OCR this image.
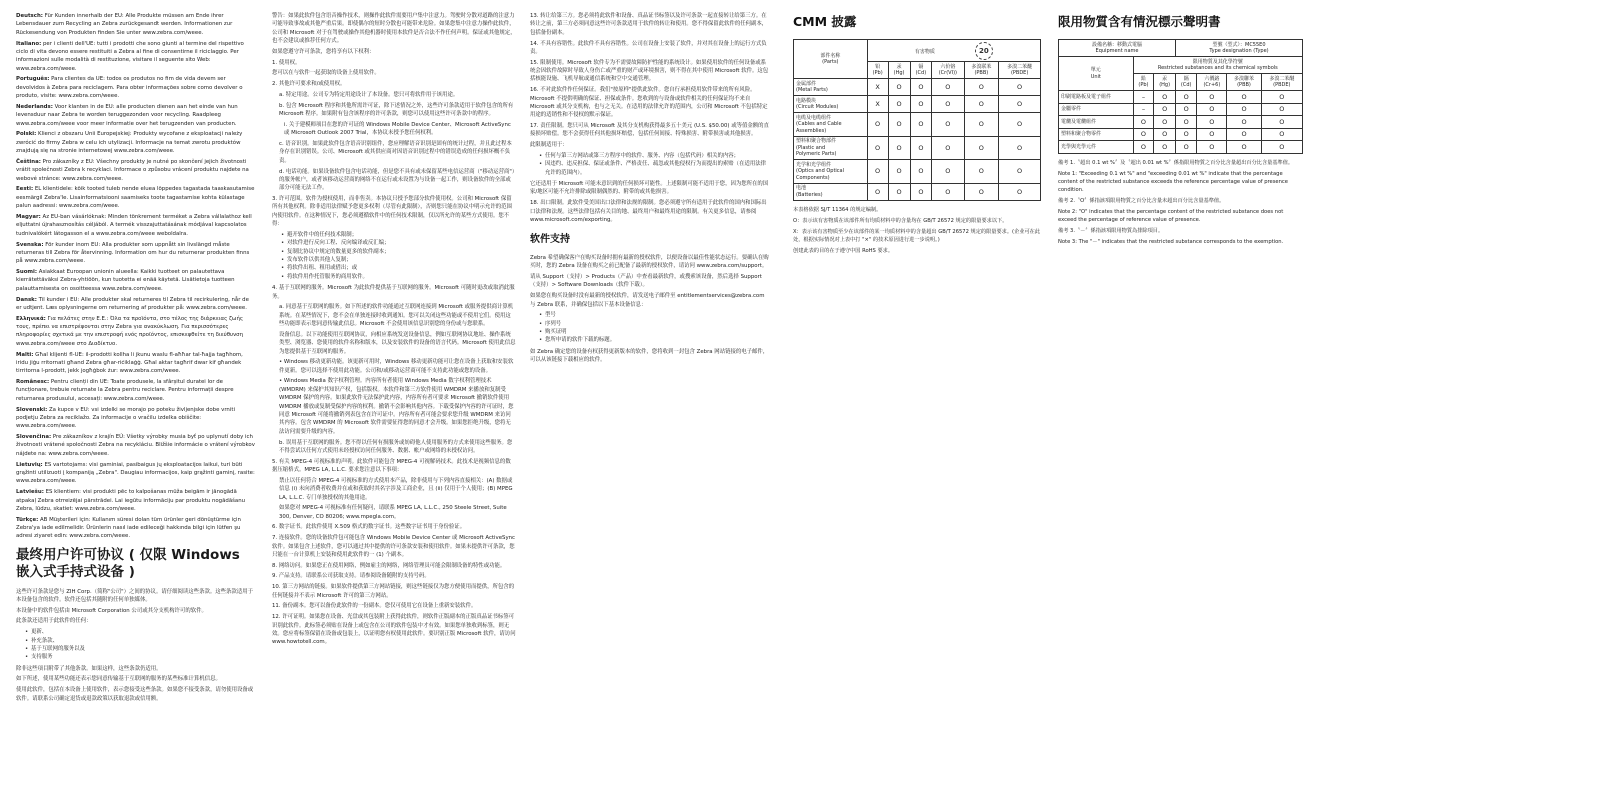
Deutsch: Für Kunden innerhalb der EU: Alle Produkte müssen am Ende ihrer Lebensdauer zum Recycling an Zebra zurückgesandt werden. Informationen zur Rückesendung von Produkten finden Sie unter www.zebra.com/weee.

Italiano: per i clienti dell'UE: tutti i prodotti che sono giunti al termine del rispettivo ciclo di vita devono essere restituiti a Zebra al fine di consentirne il riciclaggio. Per informazioni sulle modalità di restituzione, visitare il seguente sito Web: www.zebra.com/weee.

Português: Para clientes da UE: todos os produtos no fim de vida devem ser devolvidos à Zebra para reciclagem. Para obter informações sobre como devolver o produto, visite: www.zebra.com/weee.

Nederlands: Voor klanten in de EU: alle producten dienen aan het einde van hun levensduur naar Zebra te worden teruggezonden voor recycling. Raadpleeg www.zebra.com/weee voor meer informatie over het terugzenden van producten.

Polski: Klienci z obszaru Unii Europejskiej: Produkty wycofane z eksploatacji należy zwrócić do firmy Zebra w celu ich utylizacji. Informacje na temat zwrotu produktów znajdują się na stronie internetowej www.zebra.com/weee.

Čeština: Pro zákazníky z EU: Všechny produkty je nutné po skončení jejich životnosti vrátit společnosti Zebra k recyklaci. Informace o způsobu vrácení produktu najdete na webové stránce: www.zebra.com/weee.

Eesti: EL klientidele: kõik tooted tuleb nende eluea lõppedes tagastada taaskasutamise eesmärgil Zebra'le. Lisainformatsiooni saamiseks toote tagastamise kohta külastage palun aadressi: www.zebra.com/weee.

Magyar: Az EU-ban vásárlóknak: Minden tönkrement terméket a Zebra vállalathoz kell eljuttatni újrahasznosítás céljából. A termék visszajuttatásának módjával kapcsolatos tudnivalókért látogasson el a www.zebra.com/weee weboldalra.

Svenska: För kunder inom EU: Alla produkter som uppnått sin livslängd måste returneras till Zebra för återvinning. Information om hur du returnerar produkten finns på www.zebra.com/weee.

Suomi: Asiakkaat Euroopan unionin alueella: Kaikki tuotteet on palautettava kierrätettäväksi Zebra-yhtiöön, kun tuotetta ei enää käytetä. Lisätietoja tuotteen palauttamisesta on osoitteessa www.zebra.com/weee.

Dansk: Til kunder i EU: Alle produkter skal returneres til Zebra til recirkulering, når de er udtjent. Læs oplysningerne om returnering af produkter på: www.zebra.com/weee.

Ελληνικά: Για πελάτες στην Ε.Ε.: Όλα τα προϊόντα, στο τέλος της διάρκειας ζωής τους, πρέπει να επιστρέφονται στην Zebra για ανακύκλωση. Για περισσότερες πληροφορίες σχετικά με την επιστροφή ενός προϊόντος, επισκεφθείτε τη διεύθυνση www.zebra.com/weee στο Διαδίκτυο.

Malti: Għal klijenti fl-UE: il-prodotti kollha li jkunu waslu fl-aħħar tal-ħajja tagħhom, iridu jiġu rritornati għand Zebra għar-riċiklaġġ. Għal aktar tagħrif dwar kif għandek tirritorna l-prodott, jekk jogħġbok żur: www.zebra.com/weee.

Românesc: Pentru clienții din UE: Toate produsele, la sfârșitul duratei lor de funcționare, trebuie returnate la Zebra pentru reciclare. Pentru informații despre returnarea produsului, accesați: www.zebra.com/weee.

Slovenski: Za kupce v EU: vsi izdelki se morajo po poteku življenjske dobe vrniti podjetju Zebra za reciklažo. Za informacije o vračilu izdelka obiščite: www.zebra.com/weee.

Slovenčina: Pre zákazníkov z krajín EÚ: Všetky výrobky musia byť po uplynutí doby ich životnosti vrátené spoločnosti Zebra na recykláciu. Bližšie informácie o vrátení výrobkov nájdete na: www.zebra.com/weee.

Lietuvių: ES vartotojams: visi gaminiai, pasibaigus jų eksploatacijos laikui, turi būti grąžinti utilizuoti į kompaniją „Zebra". Daugiau informacijos, kaip grąžinti gaminį, rasite: www.zebra.com/weee.

Latviešu: ES klientiem: visi produkti pēc to kalpošanas mūža beigām ir jānogādā atpakaļ Zebra otrreizējai pārstrādei. Lai iegūtu informāciju par produktu nogādāšanu Zebra, lūdzu, skatiet: www.zebra.com/weee.

Türkçe: AB Müşterileri için: Kullanım süresi dolan tüm ürünler geri dönüştürme için Zebra'ya iade edilmelidir. Ürünlerin nasıl iade edileceği hakkında bilgi için lütfen şu adresi ziyaret edin: www.zebra.com/weee.

最终用户许可协议 ( 仅限 Windows 嵌入式手持式设备 )

这些许可条款是您与 ZIH Corp.（简称"公司"）之间的协议。请仔细阅读这些条款。这些条款适用于本设备包含的软件。软件还包括其随附的任何单独媒体。

本设备中的软件包括由 Microsoft Corporation 公司或其分支机构许可的软件。

此条款还适用于此软件的任何：

• 更新、
• 补充条款、
• 基于互联网的服务以及
• 支持服务

除非这些项目附带了其他条款。如果这样，这些条款仍适用。

如下所述，使用某些功能还表示您同意传输基于互联网的服务的某些标准计算机信息。

使用此软件，包括在本设备上使用软件，表示您接受这些条款。如果您不接受条款，请勿使用设备或软件。请联系公司确定退货或退款政策以获取退款或信用额。

警告：如果此软件包含语音操作技术，则操作此软件需要用户集中注意力。驾驶时分散对道路的注意力可能导致事故或其他严重后果。即使偶尔的短时分散也可能带来危险。如果您集中注意力操作此软件，公司和 Microsoft 对于在驾驶或操作其他机器时使用本软件是否合法不作任何声明。保证或其他规定，也不会建议或推荐任何方式。

如果您遵守许可条款，您将享有以下权利：

1. 使用权。

您可以在与软件一起获取的设备上使用软件。

2. 其他许可要求和/或使用权。

a. 特定用途。公司专为特定用途设计了本设备。您只可将软件用于该用途。

b. 包含 Microsoft 程序和其他所需许可证，除下述情况之外，这些许可条款适用于软件包含的所有 Microsoft 程序。如果附有包含该程序的许可条款，则您可以使用这些许可条款中的程序。

i. 关于建模师项目在您的许可证的 Windows Mobile Device Center、Microsoft ActiveSync 或 Microsoft Outlook 2007 Trial，本协议未授予您任何权利。

c. 语音识别。如果此软件包含语音识别组件，您应理解语音识别是固有的统计过程，并且此过程本身存在识别错误。公司、Microsoft 或其供应商对因语音识别过程中的错误造成的任何损坏概不负责。

d. 电话功能。如果设备软件包含电话功能，但是您不具有或未保留某些电信运营商（"移动运营商"）的服务帐户，或者该移动运营商的网络不在运行或未设置为与设备一起工作，则设备软件的全部或部分可能无法工作。

3. 许可范围。软件为授权使用，而非售卖。本协议只授予您部分软件使用权。公司和 Microsoft 保留所有其他权利。除非适用法律赋予您更多权利（尽管有此限制），否则您只能在协议中明示允许的范围内使用软件。在这种情况下，您必须遵循软件中的任何技术限制，仅以所允许的某些方式使用。您不得：

• 避开软件中的任何技术限制；
• 对软件进行反向工程、反向编译或反汇编；
• 复制比协议中规定的数量更多的软件副本；
• 发布软件以供其他人复制；
• 将软件出租、租用或借出；或
• 将软件用作托管服务的商用软件。

4. 基于互联网的服务。Microsoft 为此软件提供基于互联网的服务。Microsoft 可随时更改或取消此服务。

a. 同意基于互联网的服务。如下所述的软件功能通过互联网连接到 Microsoft 或服务提供商计算机系统。在某些情况下，您不会在单独连接时收到通知。您可以关闭这些功能或不使用它们。使用这些功能即表示您同意传输此信息。Microsoft 不会使用该信息识别您的身份或与您联系。

设备信息。以下功能使用互联网协议，向相应系统发送设备信息，例如互联网协议地址、操作系统类型、浏览器、您使用的软件名称和版本，以及安装软件的设备的语言代码。Microsoft 使用此信息为您提供基于互联网的服务。

• Windows 移动更新功能。该更新可用时，Windows 移动更新功能可让您在设备上获取和安装软件更新。您可以选择不使用此功能。公司和/或移动运营商可能不支持此功能或您的设备。

• Windows Media 数字权利管理。内容所有者使用 Windows Media 数字权利管理技术 (WMDRM) 来保护其知识产权，包括版权。本软件和第三方软件使用 WMDRM 来播放和复制受 WMDRM 保护的内容。如果此软件无法保护此内容，内容所有者可要求 Microsoft 撤销软件使用 WMDRM 播放或复制受保护内容的权利。撤销不会影响其他内容。下载受保护内容的许可证时，您同意 Microsoft 可能将撤销列表包含在许可证中。内容所有者可能会要求您升级 WMDRM 来访问其内容。包含 WMDRM 的 Microsoft 软件需要征得您的同意才会升级。如果您拒绝升级，您将无法访问需要升级的内容。

b. 误用基于互联网的服务。您不得以任何有损服务或妨碍他人使用服务的方式来使用这些服务。您不得尝试以任何方式使用未经授权访问任何服务、数据、帐户或网络的未授权访问。

5. 有关 MPEG-4 可视标准的声明。此软件可能包含 MPEG-4 可视解码技术。此技术是视频信息的数据压缩格式。MPEG LA, L.L.C. 要求您注意以下事项：

禁止以任何符合 MPEG-4 可视标准的方式使用本产品，除非使用与下列内容直接相关：(A) 数据或信息 (i) 未向消费者收费并在或和获取时其名字涉及工商企业，且 (ii) 仅用于个人使用；(B) MPEG LA, L.L.C. 专门单独授权的其他用途。

如果您对 MPEG-4 可视标准有任何疑问，请联系 MPEG LA, L.L.C., 250 Steele Street, Suite 300, Denver, CO 80206; www.mpegla.com。

6. 数字证书。此软件使用 X.509 格式的数字证书。这些数字证书用于身份验证。

7. 连接软件。您的设备软件包可能包含 Windows Mobile Device Center 或 Microsoft ActiveSync 软件。如果包含上述软件，您可以通过其中提供的许可条款安装和使用软件。如果未提供许可条款，您只能在一台计算机上安装和使用此软件的一 (1) 个副本。

8. 网络访问。如果您正在使用网络，例如雇主的网络，网络管理员可能会限制设备的特性或功能。

9. 产品支持。请联系公司获取支持。请参阅设备随附的支持号码。

10. 第三方网站的链接。如果软件提供第三方网站链接，则这些链接仅为您方便使用而提供，所包含的任何链接并不表示 Microsoft 许可的第三方网站。

11. 备份副本。您可以备份此软件的一份副本。您仅可使用它在设备上重新安装软件。

12. 许可证明。如果您在设备、光盘或其包装附上获得此软件，则软件正版副本的正版真品证书标签可识别此软件。此标签必须贴在设备上或包含在公司的软件包装中才有效。如果您单独收到标签，则无效。您应将标签保留在设备或包装上，以证明您有权使用此软件。要识别正版 Microsoft 软件，请访问 www.howtotell.com。

13. 转让给第三方。您必须将此软件和设备、真品证书标签以及许可条款一起直接转让给第三方。在转让之前，第三方必须同意这些许可条款适用于软件的转让和使用。您不得保留此软件的任何副本，包括备份副本。

14. 不具有容错性。此软件不具有容错性。公司在设备上安装了软件，并对其在设备上的运行方式负责。

15. 限制使用。Microsoft 软件专为不需要故障防护性能的系统设计。如果使用软件的任何设备或系统会因软件故障时导致人身伤亡或严重的财产或环境损害，则不得在其中使用 Microsoft 软件。这包括核能设施、飞机导航或通信系统和空中交通管理。

16. 不对此软件作任何保证。我们"按原样"提供此软件。您自行承担使用软件带来的所有风险。Microsoft 不提供明确的保证、担保或条件。您收到的与设备或软件相关的任何保证均不来自 Microsoft 或其分支机构，也与之无关。在适用的法律允许的范围内，公司和 Microsoft 不包括特定用途的适销性和不侵权的默示保证。

17. 责任限制。您只可从 Microsoft 及其分支机构获得最多五十美元 (U.S. $50.00) 或等值金额的直接损坏赔偿。您不会获得任何其他损坏赔偿，包括任何间接、特殊损害、附带损害或其他损害。

此限制适用于：

• 任何与第三方网站或第三方程序中的软件、服务、内容（包括代码）相关的内容；
• 因违约、违反担保、保证或条件、严格责任、疏忽或其他侵权行为而提出的索赔（在适用法律允许的范围内）。

它还适用于 Microsoft 可能未意识到的任何损坏可能性。上述限制可能不适用于您，因为您所在的国家/地区可能不允许排除或限制偶然的、附带的或其他损害。

18. 出口限制。此软件受美国出口法律和法规的限制。您必须遵守所有适用于此软件的国内和国际出口法律和法规。这些法律包括有关目的地、最终用户和最终用途的限制。有关更多信息，请参阅 www.microsoft.com/exporting。

软件支持

Zebra 希望确保客户在购买设备时拥有最新的授权软件，以便设备以最佳性能状态运行。要确认在购买时，您的 Zebra 设备在购买之前已配备了最新的授权软件，请访问 www.zebra.com/support。

请从 Support（支持）> Products（产品）中查看最新软件，或搜索该设备，然后选择 Support（支持）> Software Downloads（软件下载）。

如果您在购买设备时没有最新的授权软件，请发送电子邮件至 entitlementservices@zebra.com 与 Zebra 联系，并确保包括以下基本设备信息：

• 型号
• 序列号
• 购买证明
• 您所申请的软件下载的标题。

如 Zebra 确定您的设备有权获得更新版本的软件，您将收到一封包含 Zebra 网站链接的电子邮件，可以从该链接下载相应的软件。

CMM 披露
部件名称
(Parts)	有害物质 20					
	铅
(Pb)	汞
(Hg)	镉
(Cd)	六价铬
(Cr(VI))	多溴联苯
(PBB)	多溴二苯醚
(PBDE)
金属部件
(Metal Parts)	X	O	O	O	O	O
电路模块
(Circuit Modules)	X	O	O	O	O	O
电缆及电缆组件
(Cables and Cable
Assemblies)	O	O	O	O	O	O
塑料和聚合物部件
(Plastic and
Polymeric Parts)	O	O	O	O	O	O
光学和光学组件
(Optics and Optical
Components)	O	O	O	O	O	O
电池
(Batteries)	O	O	O	O	O	O

本表格依据 SJ/T 11364 的规定编制。

O：表示该有害物质在该部件所有均质材料中的含量均在 GB/T 26572 规定的限量要求以下。

X：表示该有害物质至少在该部件的某一均质材料中的含量超出 GB/T 26572 规定的限量要求。(企业可在此处，根据实际情况对上表中打 "×" 的技术原因进行进一步说明。)

创建此表的目的在于遵守中国 RoHS 要求。

限用物質含有情況標示聲明書
設備名稱：移動式電腦
Equipment name			型號（型式）：MC55E0
Type designation (Type)			
單元
Unit	限用物質及其化學符號
Restricted substances and its chemical symbols					
	鉛
(Pb)	汞
(Hg)	鎘
(Cd)	六價鉻
(Cr+6)	多溴聯苯
(PBB)	多溴二苯醚
(PBDE)
印刷電路板及電子組件	–	O	O	O	O	O
金屬零件	–	O	O	O	O	O
電纜及電纜組件	O	O	O	O	O	O
塑料和聚合物零件	O	O	O	O	O	O
光學與光學元件	O	O	O	O	O	O

備考 1.〝超出 0.1 wt %〞及〝超出 0.01 wt %〞係指限用物質之百分比含量超出百分比含量基準值。

Note 1: "Exceeding 0.1 wt %" and "exceeding 0.01 wt %" indicate that the percentage content of the restricted substance exceeds the reference percentage value of presence condition.

備考 2.〝O〞係指該項限用物質之百分比含量未超出百分比含量基準值。

Note 2: "O" indicates that the percentage content of the restricted substance does not exceed the percentage of reference value of presence.

備考 3.〝－〞係指該項限用物質為排除項目。

Note 3: The "－" indicates that the restricted substance corresponds to the exemption.
